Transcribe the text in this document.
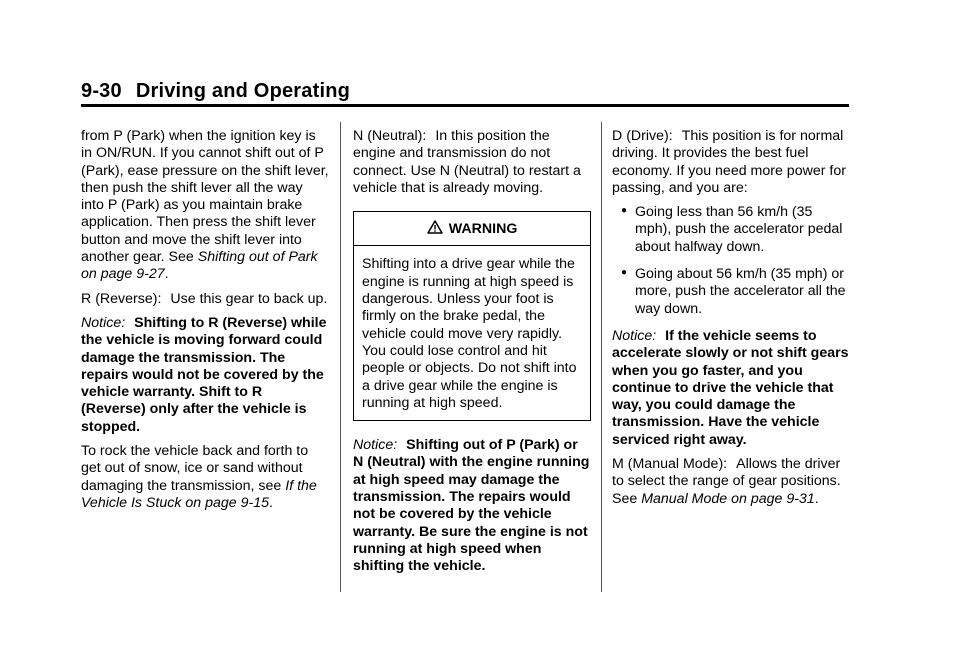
9-30 Driving and Operating

from P (Park) when the ignition key is in ON/RUN. If you cannot shift out of P (Park), ease pressure on the shift lever, then push the shift lever all the way into P (Park) as you maintain brake application. Then press the shift lever button and move the shift lever into another gear. See Shifting out of Park on page 9-27.

R (Reverse): Use this gear to back up.

Notice: Shifting to R (Reverse) while the vehicle is moving forward could damage the transmission. The repairs would not be covered by the vehicle warranty. Shift to R (Reverse) only after the vehicle is stopped.

To rock the vehicle back and forth to get out of snow, ice or sand without damaging the transmission, see If the Vehicle Is Stuck on page 9-15.

N (Neutral): In this position the engine and transmission do not connect. Use N (Neutral) to restart a vehicle that is already moving.

WARNING
Shifting into a drive gear while the engine is running at high speed is dangerous. Unless your foot is firmly on the brake pedal, the vehicle could move very rapidly. You could lose control and hit people or objects. Do not shift into a drive gear while the engine is running at high speed.

Notice: Shifting out of P (Park) or N (Neutral) with the engine running at high speed may damage the transmission. The repairs would not be covered by the vehicle warranty. Be sure the engine is not running at high speed when shifting the vehicle.

D (Drive): This position is for normal driving. It provides the best fuel economy. If you need more power for passing, and you are:

● Going less than 56 km/h (35 mph), push the accelerator pedal about halfway down.
● Going about 56 km/h (35 mph) or more, push the accelerator all the way down.

Notice: If the vehicle seems to accelerate slowly or not shift gears when you go faster, and you continue to drive the vehicle that way, you could damage the transmission. Have the vehicle serviced right away.

M (Manual Mode): Allows the driver to select the range of gear positions. See Manual Mode on page 9-31.
